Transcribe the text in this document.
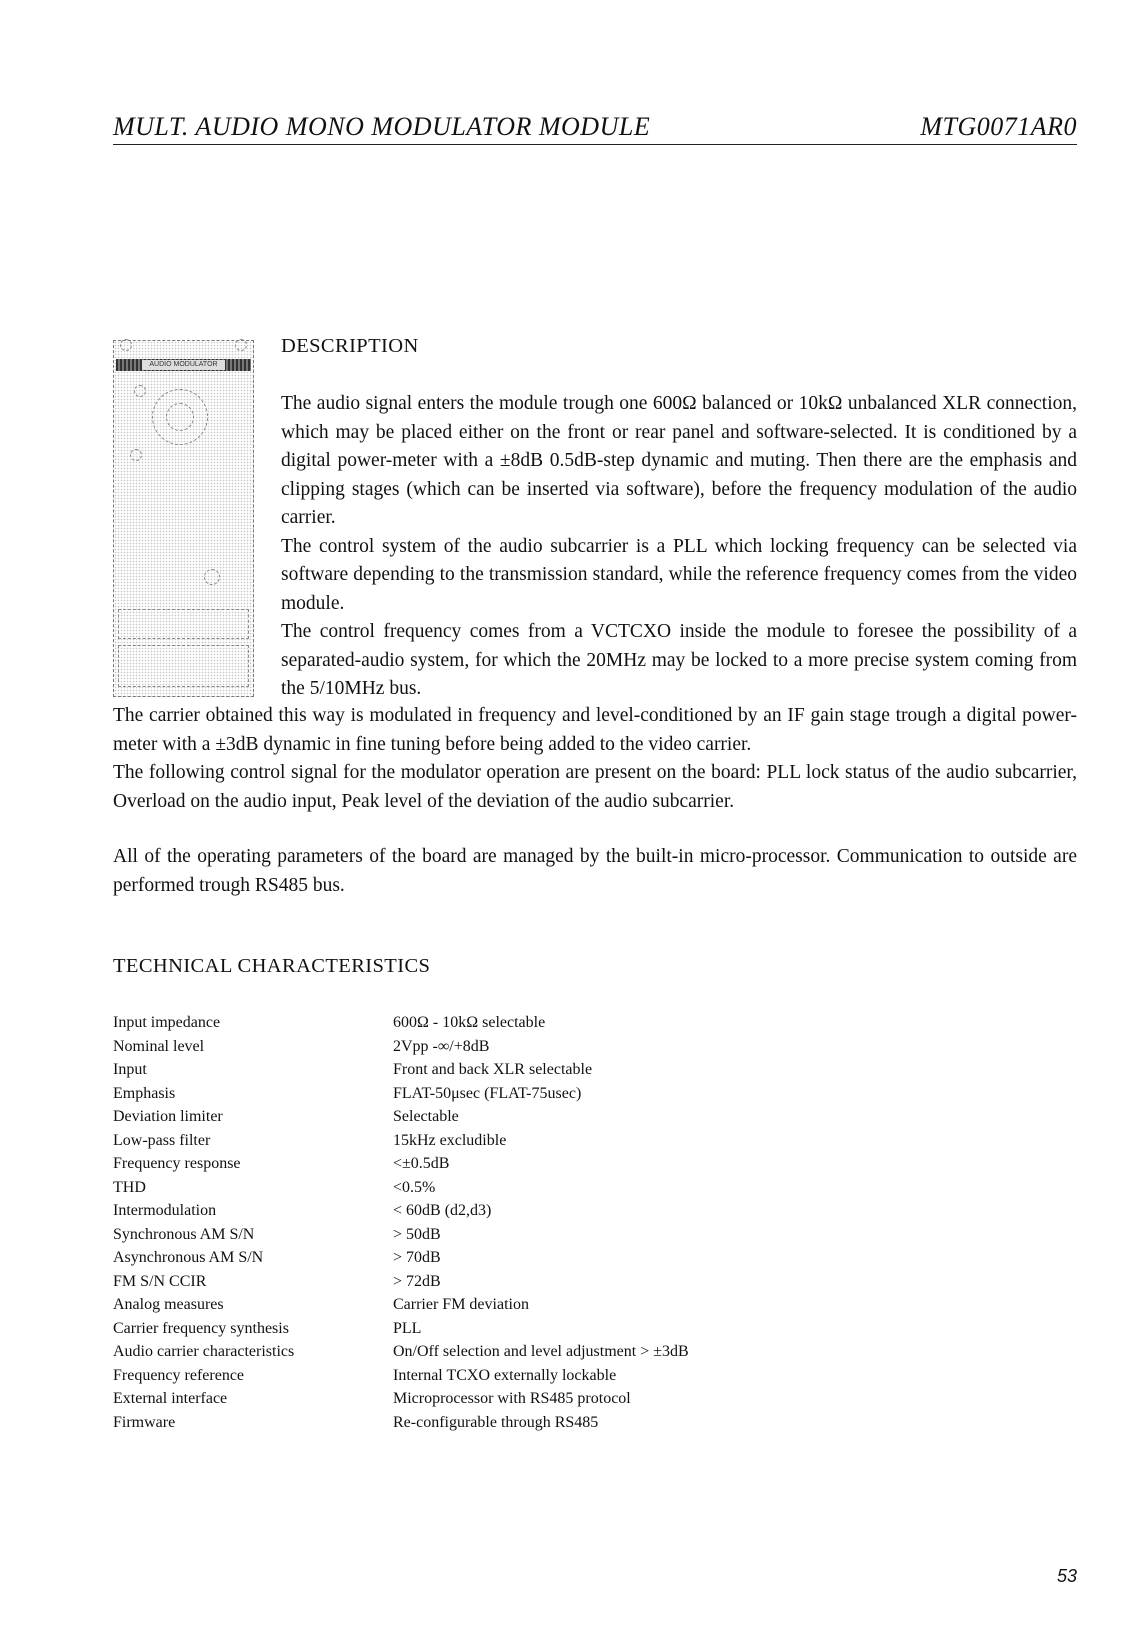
MULT. AUDIO MONO MODULATOR MODULE	MTG0071AR0
AUDIO MODULATOR
DESCRIPTION

The audio signal enters the module trough one 600Ω balanced or 10kΩ unbalanced XLR connection, which may be placed either on the front or rear panel and software-selected. It is conditioned by a digital power-meter with a ±8dB 0.5dB-step dynamic and muting. Then there are the emphasis and clipping stages (which can be inserted via software), before the frequency modulation of the audio carrier.

The control system of the audio subcarrier is a PLL which locking frequency can be selected via software depending to the transmission standard, while the reference frequency comes from the video module.

The control frequency comes from a VCTCXO inside the module to foresee the possibility of a separated-audio system, for which the 20MHz may be locked to a more precise system coming from the 5/10MHz bus.

The carrier obtained this way is modulated in frequency and level-conditioned by an IF gain stage trough a digital power-meter with a ±3dB dynamic in fine tuning before being added to the video carrier.

The following control signal for the modulator operation are present on the board: PLL lock status of the audio subcarrier, Overload on the audio input, Peak level of the deviation of the audio subcarrier.

All of the operating parameters of the board are managed by the built-in micro-processor. Communication to outside are performed trough RS485 bus.

TECHNICAL CHARACTERISTICS
Input impedance	600Ω - 10kΩ selectable
Nominal level	2Vpp -∞/+8dB
Input	Front and back XLR selectable
Emphasis	FLAT-50μsec (FLAT-75usec)
Deviation limiter	Selectable
Low-pass filter	15kHz excludible
Frequency response	<±0.5dB
THD	<0.5%
Intermodulation	< 60dB (d2,d3)
Synchronous AM S/N	> 50dB
Asynchronous AM S/N	> 70dB
FM S/N CCIR	> 72dB
Analog measures	Carrier FM deviation
Carrier frequency synthesis	PLL
Audio carrier characteristics	On/Off selection and level adjustment > ±3dB
Frequency reference	Internal TCXO externally lockable
External interface	Microprocessor with RS485 protocol
Firmware	Re-configurable through RS485
53
